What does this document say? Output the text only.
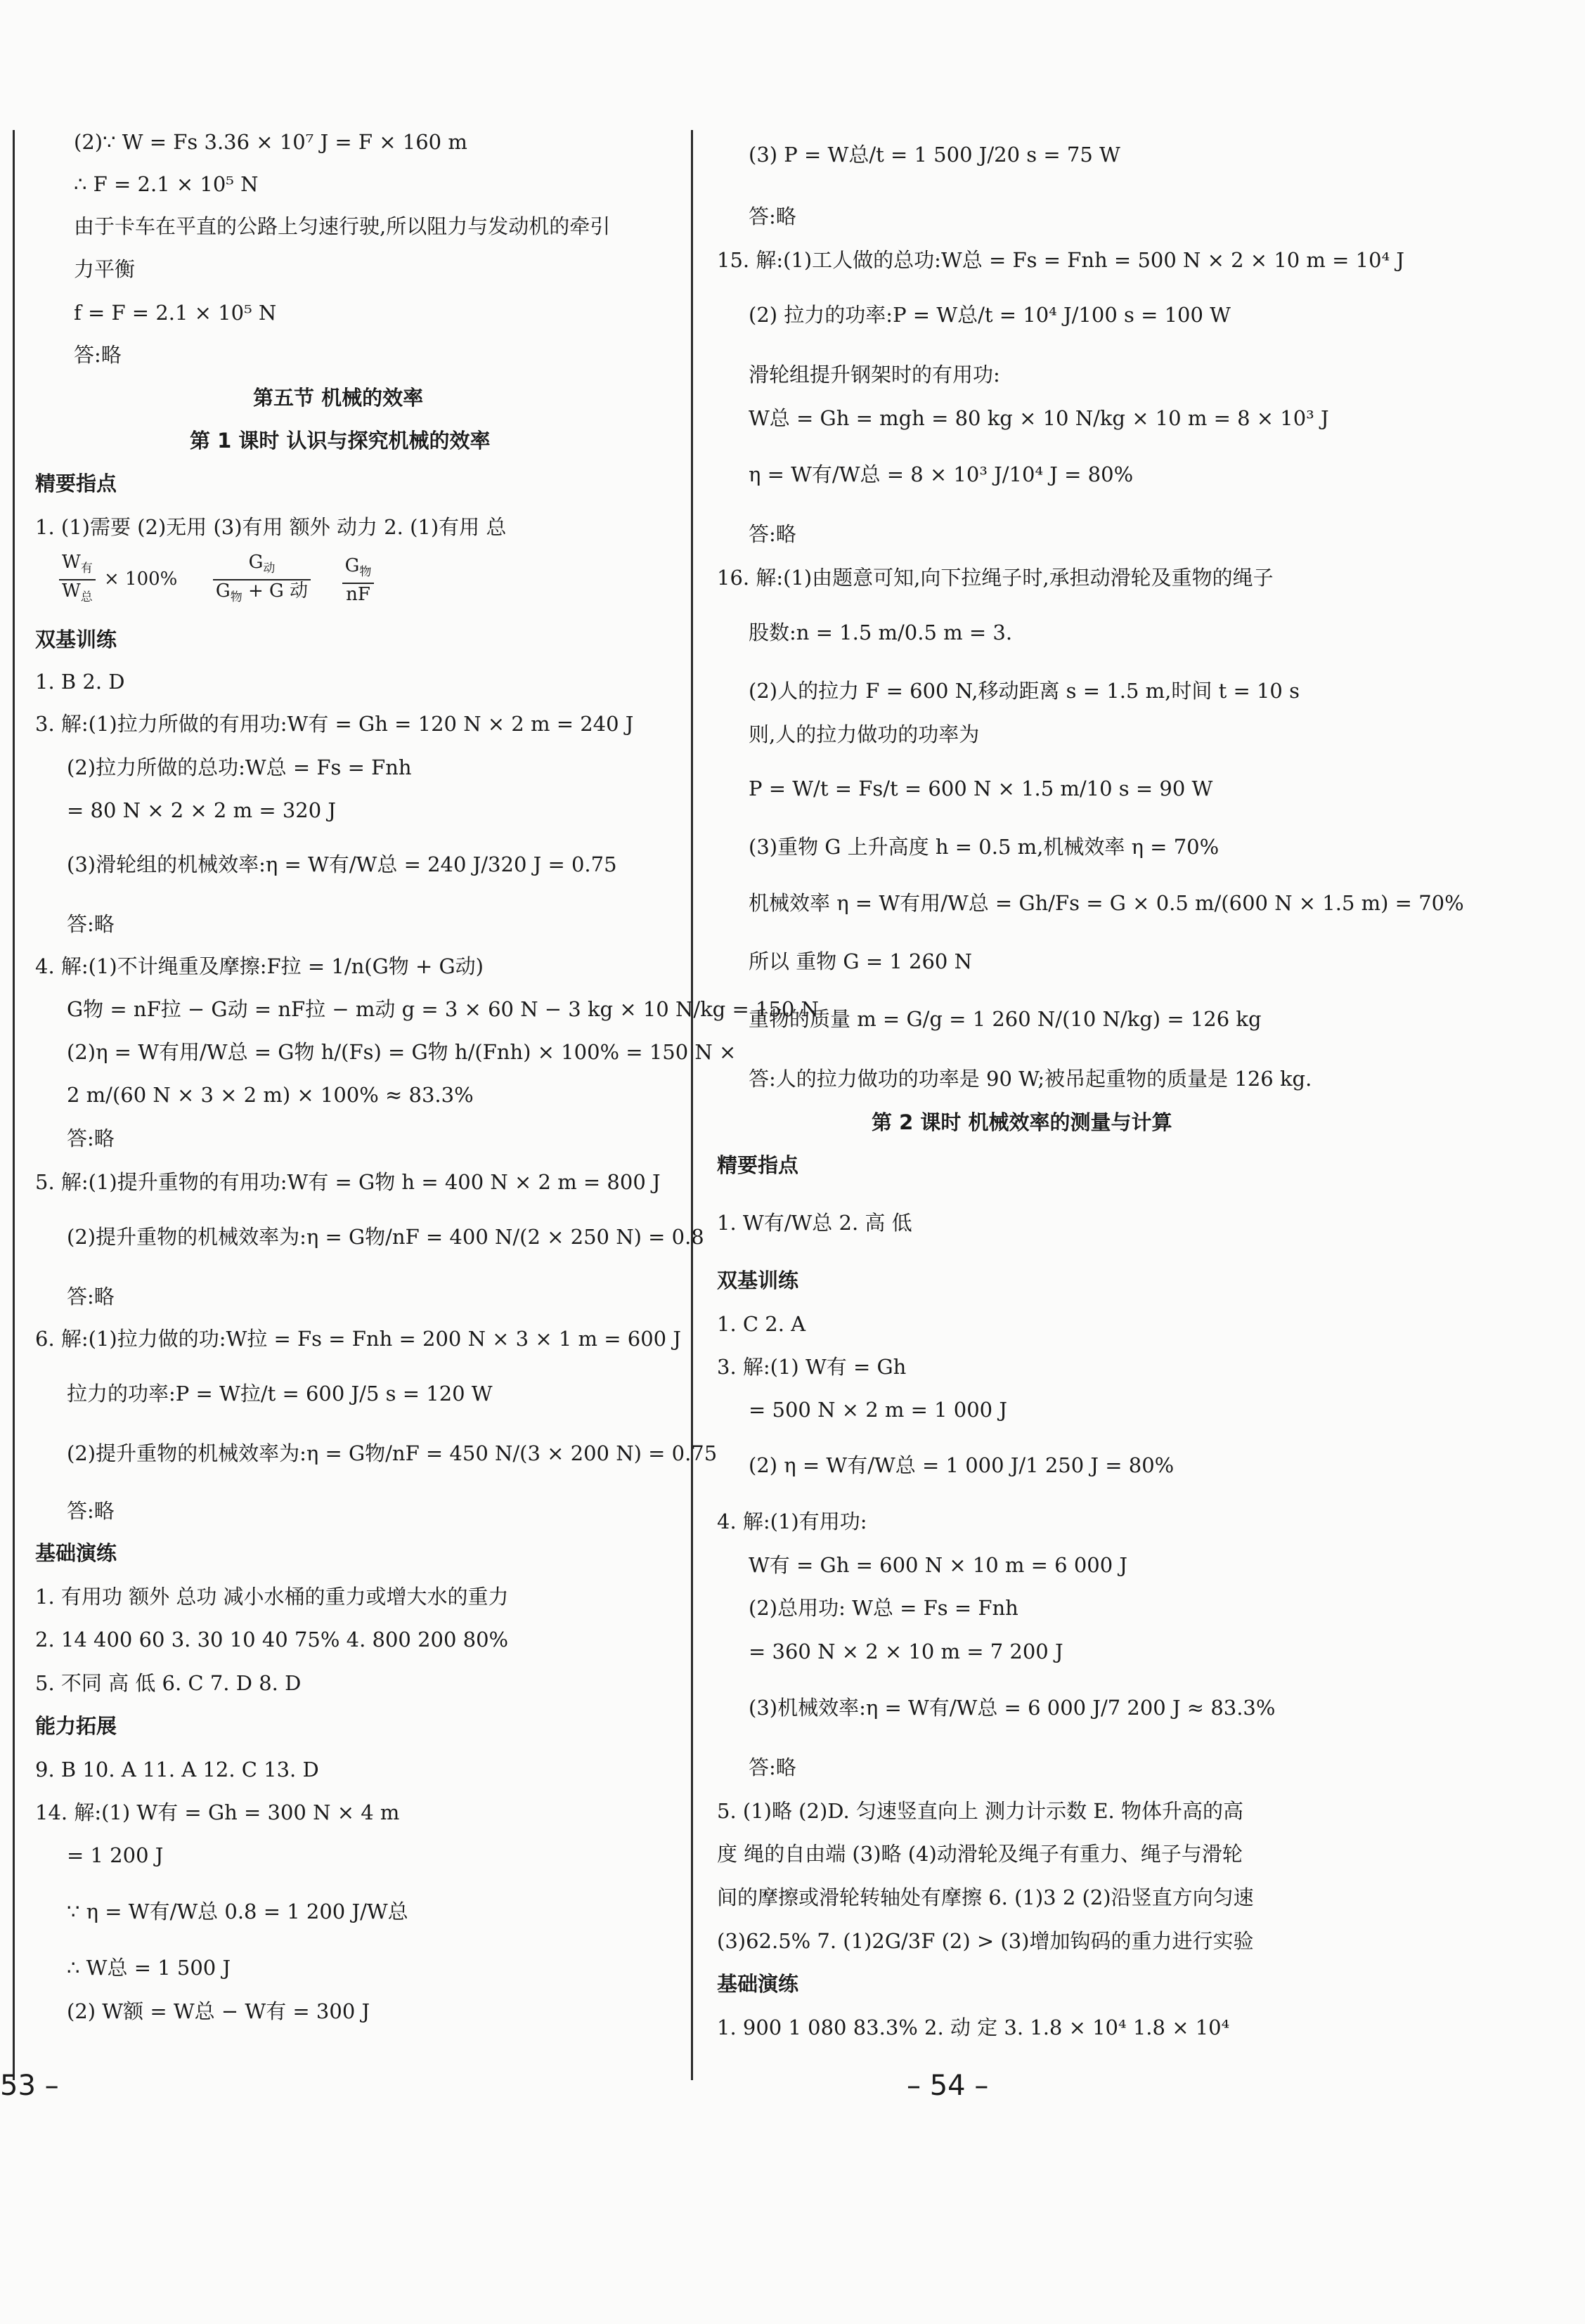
(2)∵ W = Fs 3.36 × 10⁷ J = F × 160 m

∴ F = 2.1 × 10⁵ N

由于卡车在平直的公路上匀速行驶,所以阻力与发动机的牵引

力平衡

f = F = 2.1 × 10⁵ N

答:略

第五节 机械的效率

第 1 课时 认识与探究机械的效率

精要指点

1. (1)需要 (2)无用 (3)有用 额外 动力 2. (1)有用 总

$\frac{W_有}{W_总} \times 100\% \frac{G_动}{G_物 + G 动}$
$\frac{G_物}{nF}$

双基训练

1. B 2. D

3. 解:(1)拉力所做的有用功:W有 = Gh = 120 N × 2 m = 240 J

(2)拉力所做的总功:W总 = Fs = Fnh

= 80 N × 2 × 2 m = 320 J

(3)滑轮组的机械效率:η = W有/W总 = 240 J/320 J = 0.75

答:略

4. 解:(1)不计绳重及摩擦:F拉 = 1/n(G物 + G动)

G物 = nF拉 − G动 = nF拉 − m动 g = 3 × 60 N − 3 kg × 10 N/kg = 150 N

(2)η = W有用/W总 = G物 h/(Fs) = G物 h/(Fnh) × 100% = 150 N ×

2 m/(60 N × 3 × 2 m) × 100% ≈ 83.3%

答:略

5. 解:(1)提升重物的有用功:W有 = G物 h = 400 N × 2 m = 800 J

(2)提升重物的机械效率为:η = G物/nF = 400 N/(2 × 250 N) = 0.8

答:略

6. 解:(1)拉力做的功:W拉 = Fs = Fnh = 200 N × 3 × 1 m = 600 J

拉力的功率:P = W拉/t = 600 J/5 s = 120 W

(2)提升重物的机械效率为:η = G物/nF = 450 N/(3 × 200 N) = 0.75

答:略

基础演练

1. 有用功 额外 总功 减小水桶的重力或增大水的重力

2. 14 400 60 3. 30 10 40 75% 4. 800 200 80%

5. 不同 高 低 6. C 7. D 8. D

能力拓展

9. B 10. A 11. A 12. C 13. D

14. 解:(1) W有 = Gh = 300 N × 4 m

= 1 200 J

∵ η = W有/W总 0.8 = 1 200 J/W总

∴ W总 = 1 500 J

(2) W额 = W总 − W有 = 300 J

53 –

(3) P = W总/t = 1 500 J/20 s = 75 W

答:略

15. 解:(1)工人做的总功:W总 = Fs = Fnh = 500 N × 2 × 10 m = 10⁴ J

(2) 拉力的功率:P = W总/t = 10⁴ J/100 s = 100 W

滑轮组提升钢架时的有用功:

W总 = Gh = mgh = 80 kg × 10 N/kg × 10 m = 8 × 10³ J

η = W有/W总 = 8 × 10³ J/10⁴ J = 80%

答:略

16. 解:(1)由题意可知,向下拉绳子时,承担动滑轮及重物的绳子

股数:n = 1.5 m/0.5 m = 3.

(2)人的拉力 F = 600 N,移动距离 s = 1.5 m,时间 t = 10 s

则,人的拉力做功的功率为

P = W/t = Fs/t = 600 N × 1.5 m/10 s = 90 W

(3)重物 G 上升高度 h = 0.5 m,机械效率 η = 70%

机械效率 η = W有用/W总 = Gh/Fs = G × 0.5 m/(600 N × 1.5 m) = 70%

所以 重物 G = 1 260 N

重物的质量 m = G/g = 1 260 N/(10 N/kg) = 126 kg

答:人的拉力做功的功率是 90 W;被吊起重物的质量是 126 kg.

第 2 课时 机械效率的测量与计算

精要指点

1. W有/W总 2. 高 低

双基训练

1. C 2. A

3. 解:(1) W有 = Gh

= 500 N × 2 m = 1 000 J

(2) η = W有/W总 = 1 000 J/1 250 J = 80%

4. 解:(1)有用功:

W有 = Gh = 600 N × 10 m = 6 000 J

(2)总用功: W总 = Fs = Fnh

= 360 N × 2 × 10 m = 7 200 J

(3)机械效率:η = W有/W总 = 6 000 J/7 200 J ≈ 83.3%

答:略

5. (1)略 (2)D. 匀速竖直向上 测力计示数 E. 物体升高的高

度 绳的自由端 (3)略 (4)动滑轮及绳子有重力、绳子与滑轮

间的摩擦或滑轮转轴处有摩擦 6. (1)3 2 (2)沿竖直方向匀速

(3)62.5% 7. (1)2G/3F (2) > (3)增加钩码的重力进行实验

基础演练

1. 900 1 080 83.3% 2. 动 定 3. 1.8 × 10⁴ 1.8 × 10⁴

– 54 –
